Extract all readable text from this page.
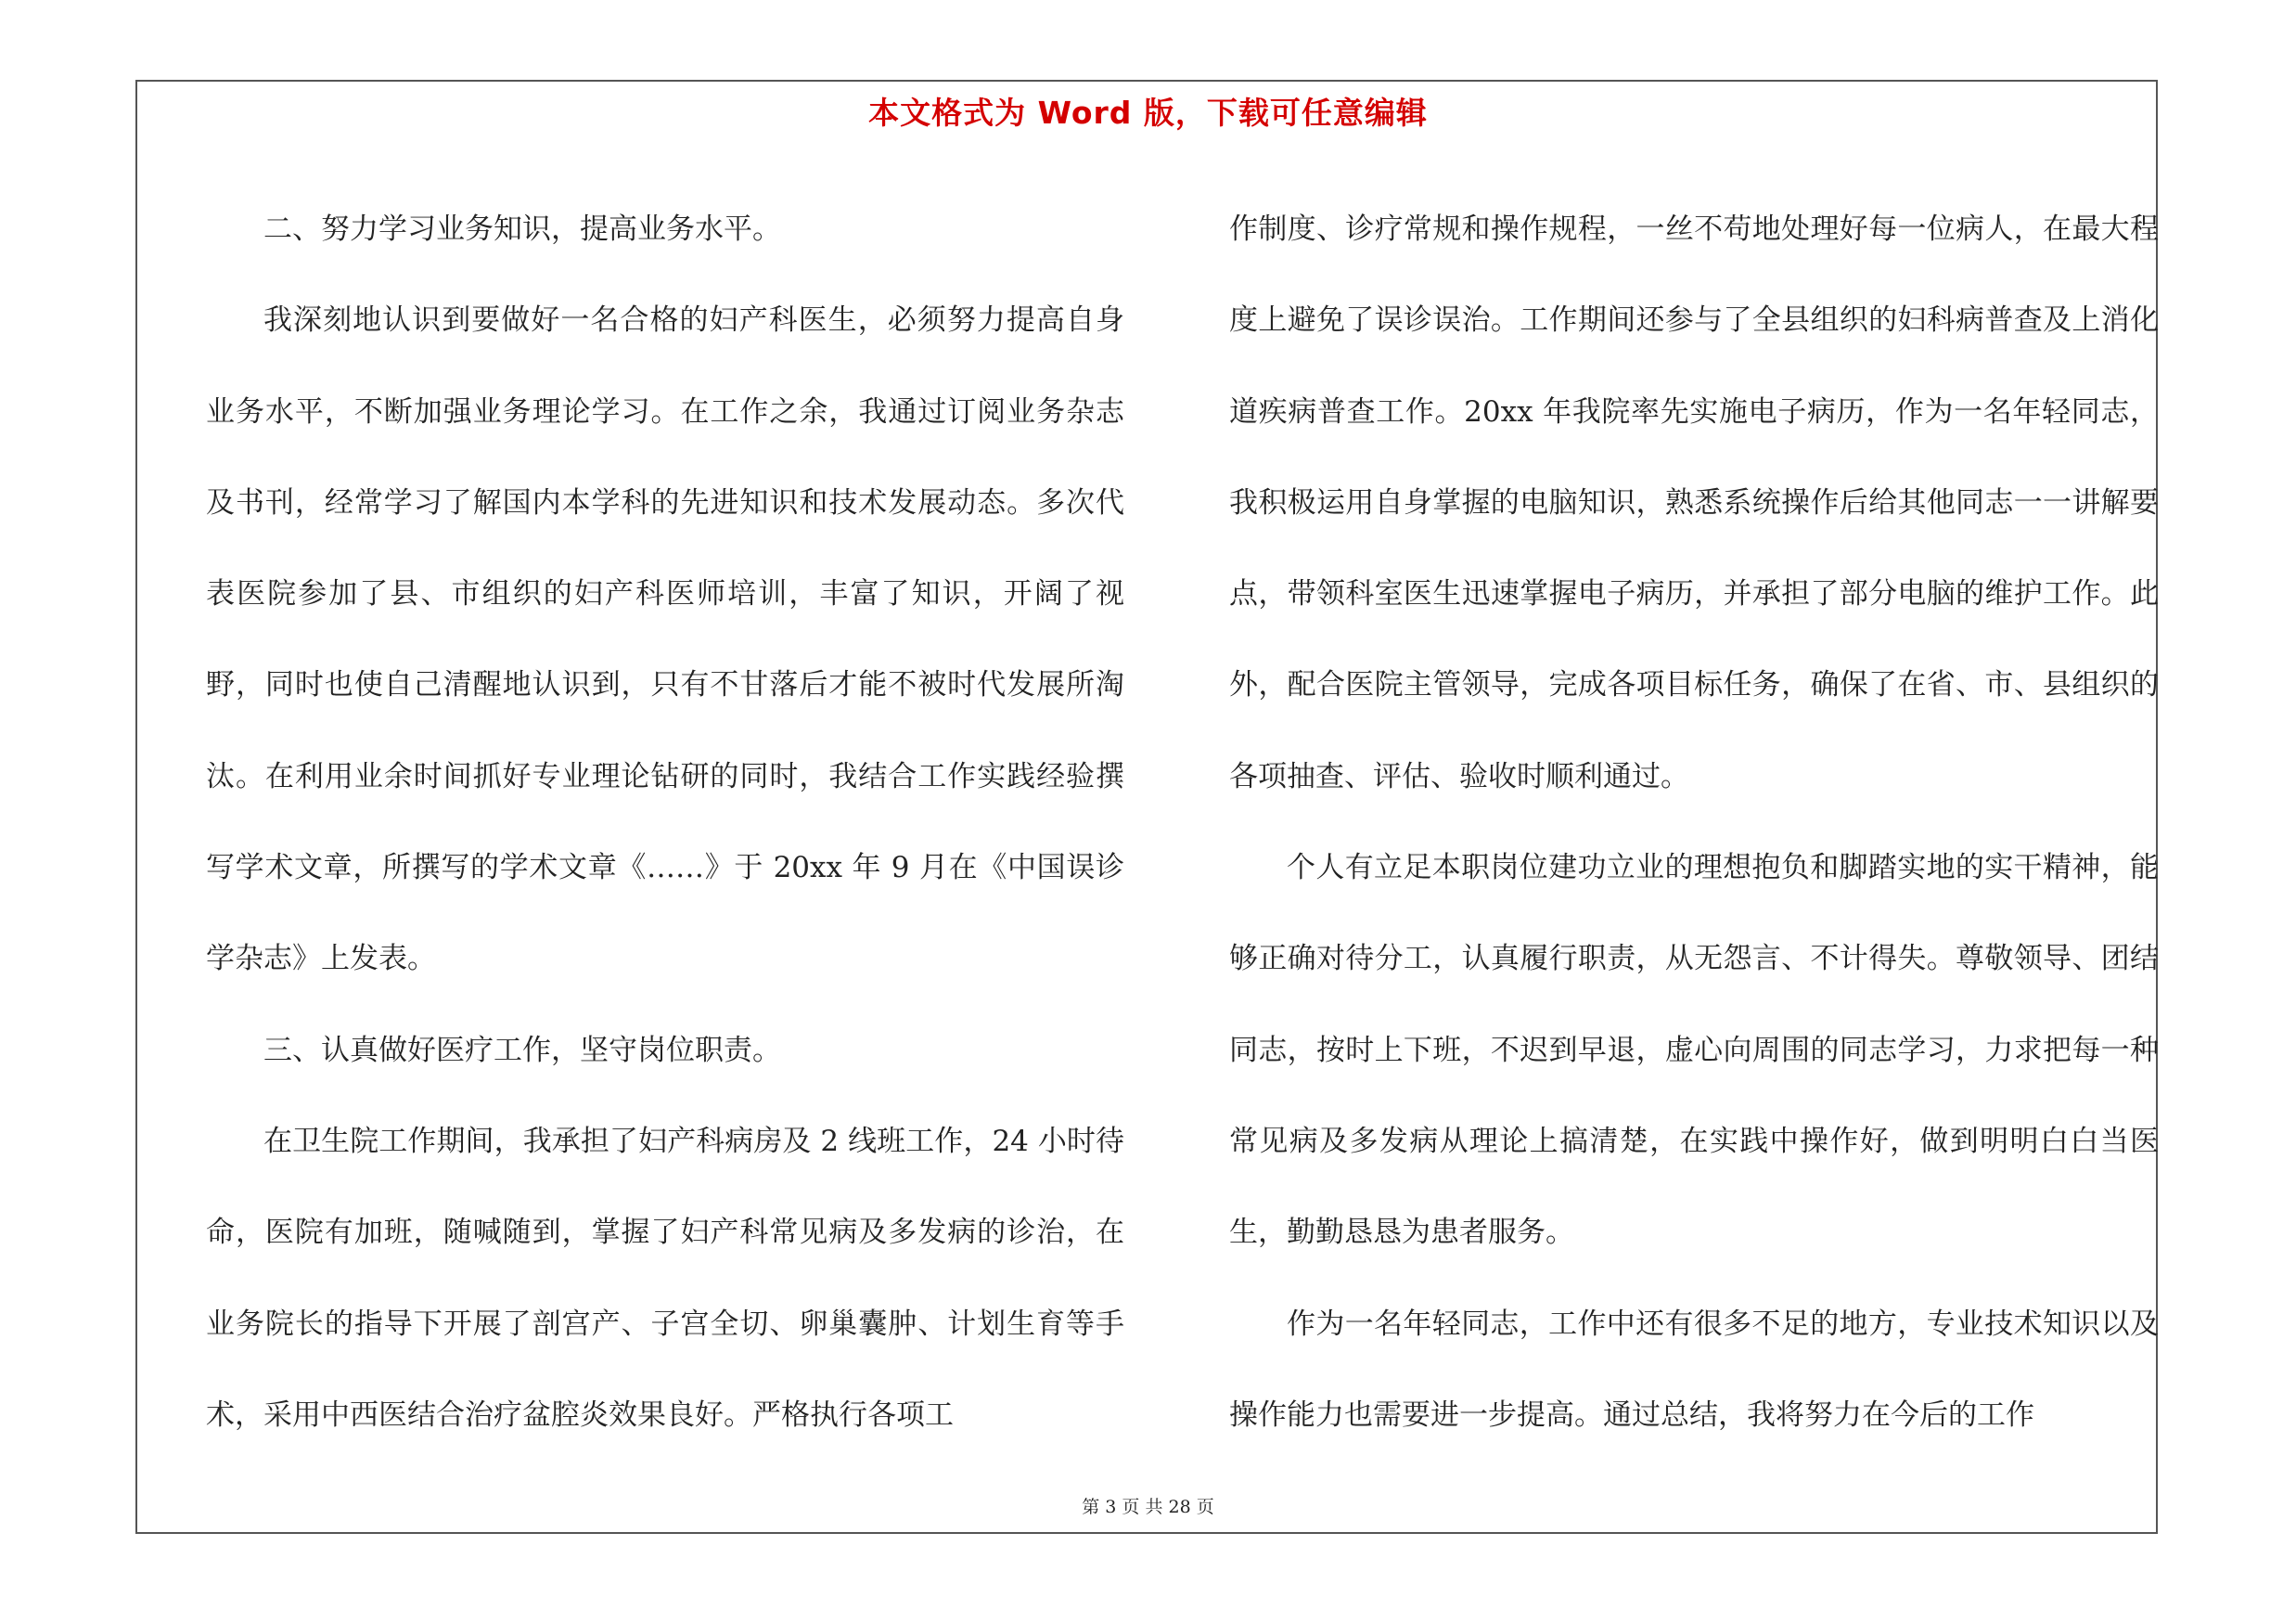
本文格式为 Word 版，下载可任意编辑

二、努力学习业务知识，提高业务水平。

我深刻地认识到要做好一名合格的妇产科医生，必须努力提高自身业务水平，不断加强业务理论学习。在工作之余，我通过订阅业务杂志及书刊，经常学习了解国内本学科的先进知识和技术发展动态。多次代表医院参加了县、市组织的妇产科医师培训，丰富了知识，开阔了视野，同时也使自己清醒地认识到，只有不甘落后才能不被时代发展所淘汰。在利用业余时间抓好专业理论钻研的同时，我结合工作实践经验撰写学术文章，所撰写的学术文章《……》于 20xx 年 9 月在《中国误诊学杂志》上发表。

三、认真做好医疗工作，坚守岗位职责。

在卫生院工作期间，我承担了妇产科病房及 2 线班工作，24 小时待命，医院有加班，随喊随到，掌握了妇产科常见病及多发病的诊治，在业务院长的指导下开展了剖宫产、子宫全切、卵巢囊肿、计划生育等手术，采用中西医结合治疗盆腔炎效果良好。严格执行各项工

作制度、诊疗常规和操作规程，一丝不苟地处理好每一位病人，在最大程度上避免了误诊误治。工作期间还参与了全县组织的妇科病普查及上消化道疾病普查工作。20xx 年我院率先实施电子病历，作为一名年轻同志，我积极运用自身掌握的电脑知识，熟悉系统操作后给其他同志一一讲解要点，带领科室医生迅速掌握电子病历，并承担了部分电脑的维护工作。此外，配合医院主管领导，完成各项目标任务，确保了在省、市、县组织的各项抽查、评估、验收时顺利通过。

个人有立足本职岗位建功立业的理想抱负和脚踏实地的实干精神，能够正确对待分工，认真履行职责，从无怨言、不计得失。尊敬领导、团结同志，按时上下班，不迟到早退，虚心向周围的同志学习，力求把每一种常见病及多发病从理论上搞清楚，在实践中操作好，做到明明白白当医生，勤勤恳恳为患者服务。

作为一名年轻同志，工作中还有很多不足的地方，专业技术知识以及操作能力也需要进一步提高。通过总结，我将努力在今后的工作

第 3 页 共 28 页
